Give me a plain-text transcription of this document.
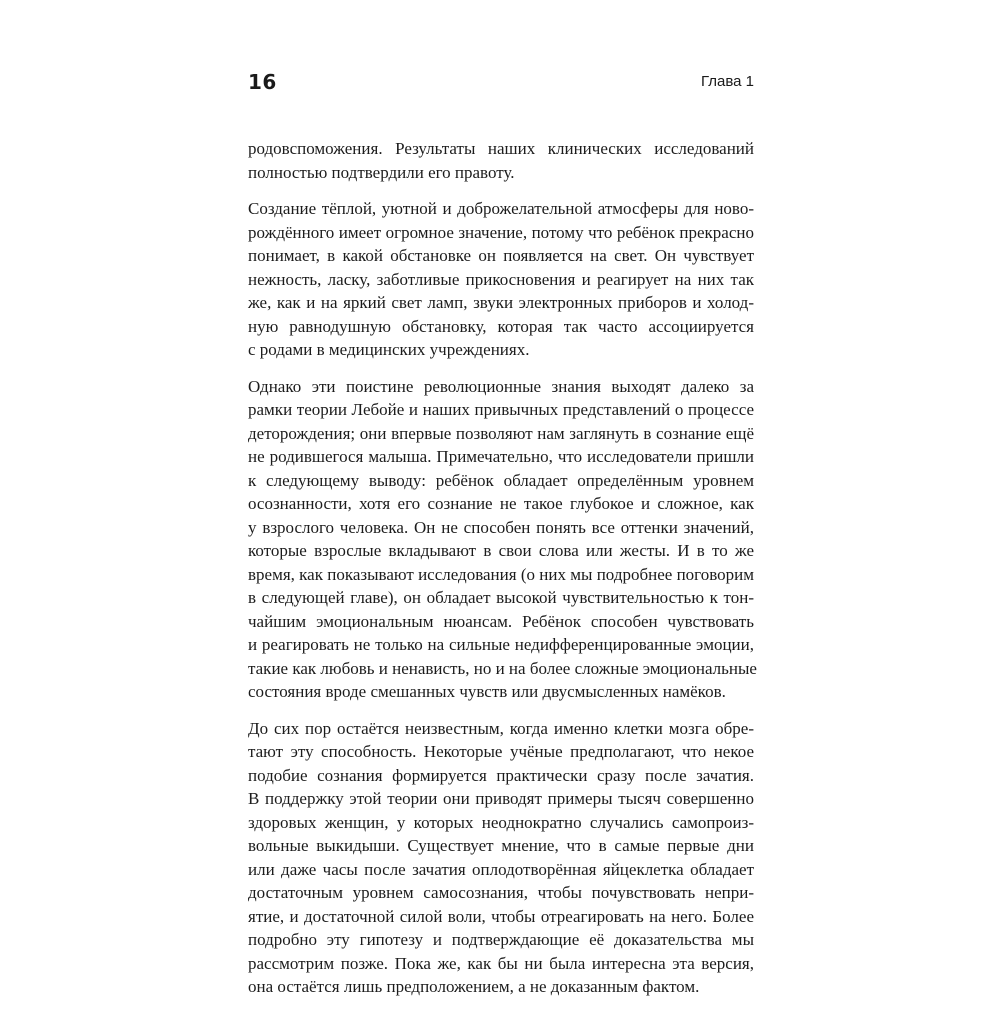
16	Глава 1

родовспоможения. Результаты наших клинических исследований
полностью подтвердили его правоту.

Создание тёплой, уютной и доброжелательной атмосферы для ново-
рождённого имеет огромное значение, потому что ребёнок прекрасно
понимает, в какой обстановке он появляется на свет. Он чувствует
нежность, ласку, заботливые прикосновения и реагирует на них так
же, как и на яркий свет ламп, звуки электронных приборов и холод-
ную равнодушную обстановку, которая так часто ассоциируется
с родами в медицинских учреждениях.

Однако эти поистине революционные знания выходят далеко за
рамки теории Лебойе и наших привычных представлений о процессе
деторождения; они впервые позволяют нам заглянуть в сознание ещё
не родившегося малыша. Примечательно, что исследователи пришли
к следующему выводу: ребёнок обладает определённым уровнем
осознанности, хотя его сознание не такое глубокое и сложное, как
у взрослого человека. Он не способен понять все оттенки значений,
которые взрослые вкладывают в свои слова или жесты. И в то же
время, как показывают исследования (о них мы подробнее поговорим
в следующей главе), он обладает высокой чувствительностью к тон-
чайшим эмоциональным нюансам. Ребёнок способен чувствовать
и реагировать не только на сильные недифференцированные эмоции,
такие как любовь и ненависть, но и на более сложные эмоциональные
состояния вроде смешанных чувств или двусмысленных намёков.

До сих пор остаётся неизвестным, когда именно клетки мозга обре-
тают эту способность. Некоторые учёные предполагают, что некое
подобие сознания формируется практически сразу после зачатия.
В поддержку этой теории они приводят примеры тысяч совершенно
здоровых женщин, у которых неоднократно случались самопроиз-
вольные выкидыши. Существует мнение, что в самые первые дни
или даже часы после зачатия оплодотворённая яйцеклетка обладает
достаточным уровнем самосознания, чтобы почувствовать непри-
ятие, и достаточной силой воли, чтобы отреагировать на него. Более
подробно эту гипотезу и подтверждающие её доказательства мы
рассмотрим позже. Пока же, как бы ни была интересна эта версия,
она остаётся лишь предположением, а не доказанным фактом.
